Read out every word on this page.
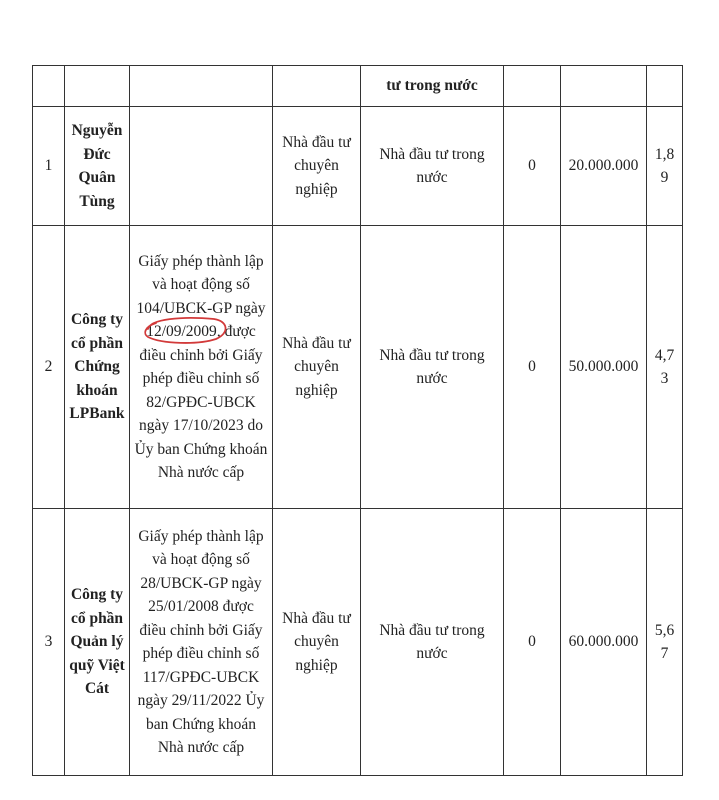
				tư trong nước			
1	Nguyễn Đức Quân Tùng		Nhà đầu tư chuyên nghiệp	Nhà đầu tư trong nước	0	20.000.000	1,89
2	Công ty cổ phần Chứng khoán LPBank	Giấy phép thành lập và hoạt động số 104/UBCK-GP ngày
12/09/2009, được điều chỉnh bởi Giấy phép điều chỉnh số 82/GPĐC-UBCK ngày 17/10/2023 do Ủy ban Chứng khoán Nhà nước cấp	Nhà đầu tư chuyên nghiệp	Nhà đầu tư trong nước	0	50.000.000	4,73
3	Công ty cổ phần Quản lý quỹ Việt Cát	Giấy phép thành lập và hoạt động số 28/UBCK-GP ngày 25/01/2008 được điều chỉnh bởi Giấy phép điều chỉnh số 117/GPĐC-UBCK ngày 29/11/2022 Ủy ban Chứng khoán Nhà nước cấp	Nhà đầu tư chuyên nghiệp	Nhà đầu tư trong nước	0	60.000.000	5,67
